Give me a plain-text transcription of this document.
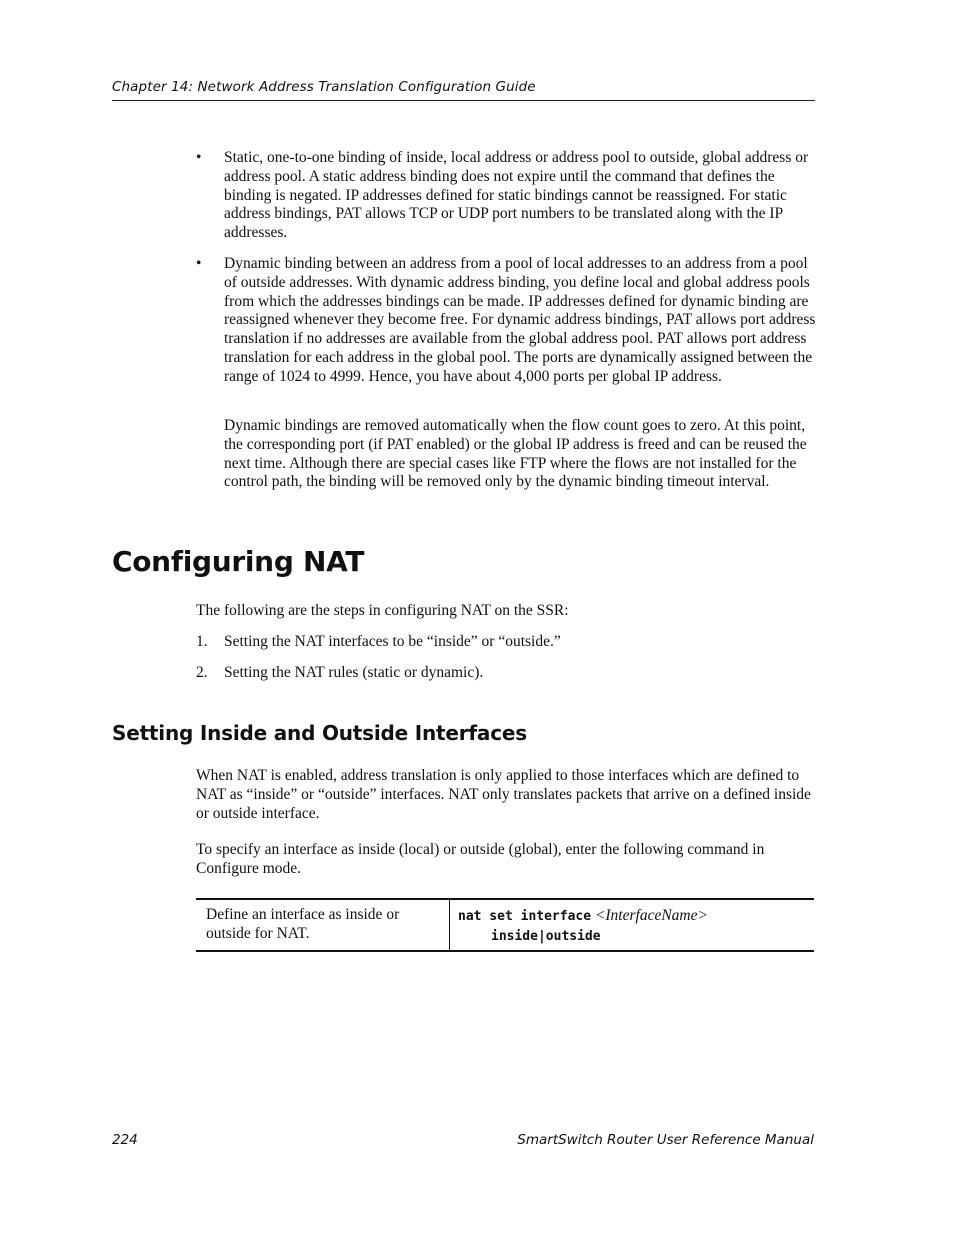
Chapter 14: Network Address Translation Configuration Guide
• Static, one-to-one binding of inside, local address or address pool to outside, global address or address pool. A static address binding does not expire until the command that defines the binding is negated. IP addresses defined for static bindings cannot be reassigned. For static address bindings, PAT allows TCP or UDP port numbers to be translated along with the IP addresses.
• Dynamic binding between an address from a pool of local addresses to an address from a pool of outside addresses. With dynamic address binding, you define local and global address pools from which the addresses bindings can be made. IP addresses defined for dynamic binding are reassigned whenever they become free. For dynamic address bindings, PAT allows port address translation if no addresses are available from the global address pool. PAT allows port address translation for each address in the global pool. The ports are dynamically assigned between the range of 1024 to 4999. Hence, you have about 4,000 ports per global IP address.
Dynamic bindings are removed automatically when the flow count goes to zero. At this point, the corresponding port (if PAT enabled) or the global IP address is freed and can be reused the next time. Although there are special cases like FTP where the flows are not installed for the control path, the binding will be removed only by the dynamic binding timeout interval.
Configuring NAT
The following are the steps in configuring NAT on the SSR:
1. Setting the NAT interfaces to be “inside” or “outside.”
2. Setting the NAT rules (static or dynamic).
Setting Inside and Outside Interfaces
When NAT is enabled, address translation is only applied to those interfaces which are defined to NAT as “inside” or “outside” interfaces. NAT only translates packets that arrive on a defined inside or outside interface.
To specify an interface as inside (local) or outside (global), enter the following command in Configure mode.
Define an interface as inside or outside for NAT.
nat set interface <InterfaceName>
inside|outside
224	SmartSwitch Router User Reference Manual
